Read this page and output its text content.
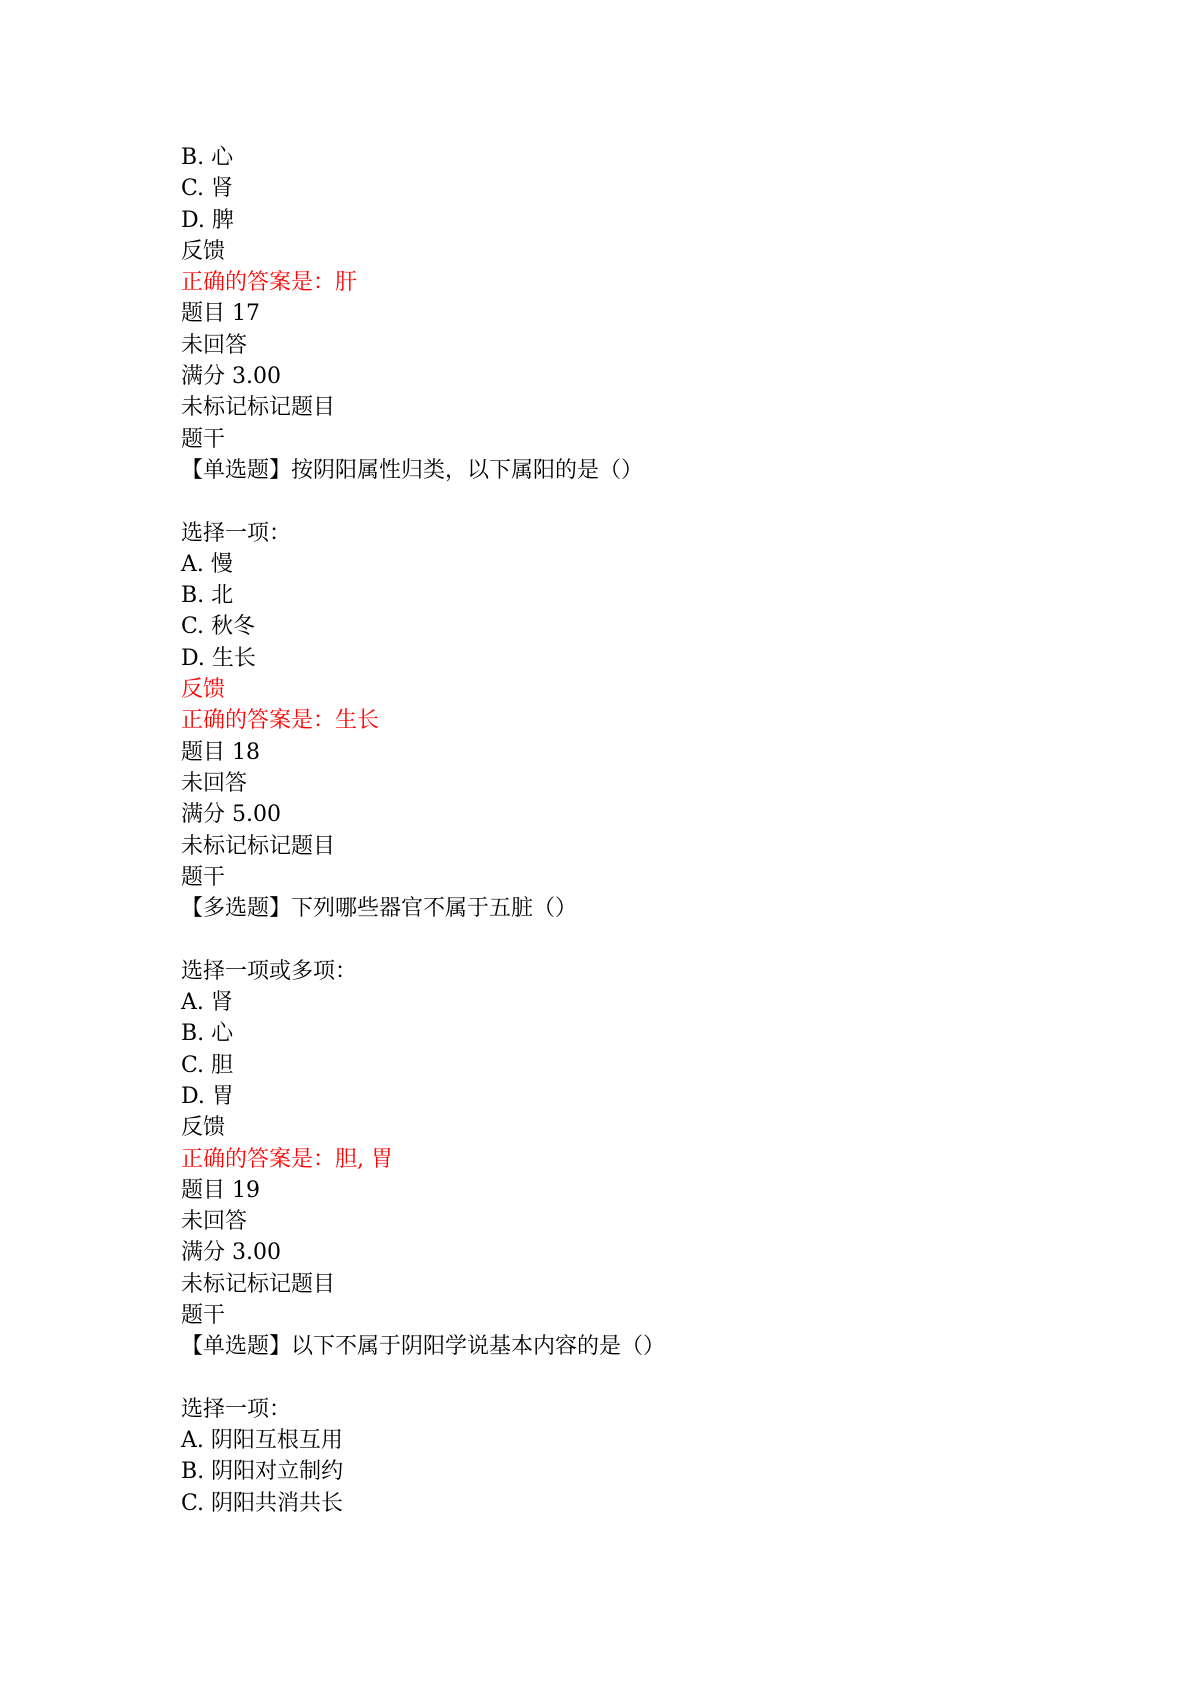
B. 心
C. 肾
D. 脾
反馈
正确的答案是：肝
题目 17
未回答
满分 3.00
未标记标记题目
题干
【单选题】按阴阳属性归类，以下属阳的是（）
选择一项：
A. 慢
B. 北
C. 秋冬
D. 生长
反馈
正确的答案是：生长
题目 18
未回答
满分 5.00
未标记标记题目
题干
【多选题】下列哪些器官不属于五脏（）
选择一项或多项：
A. 肾
B. 心
C. 胆
D. 胃
反馈
正确的答案是：胆, 胃
题目 19
未回答
满分 3.00
未标记标记题目
题干
【单选题】以下不属于阴阳学说基本内容的是（）
选择一项：
A. 阴阳互根互用
B. 阴阳对立制约
C. 阴阳共消共长
